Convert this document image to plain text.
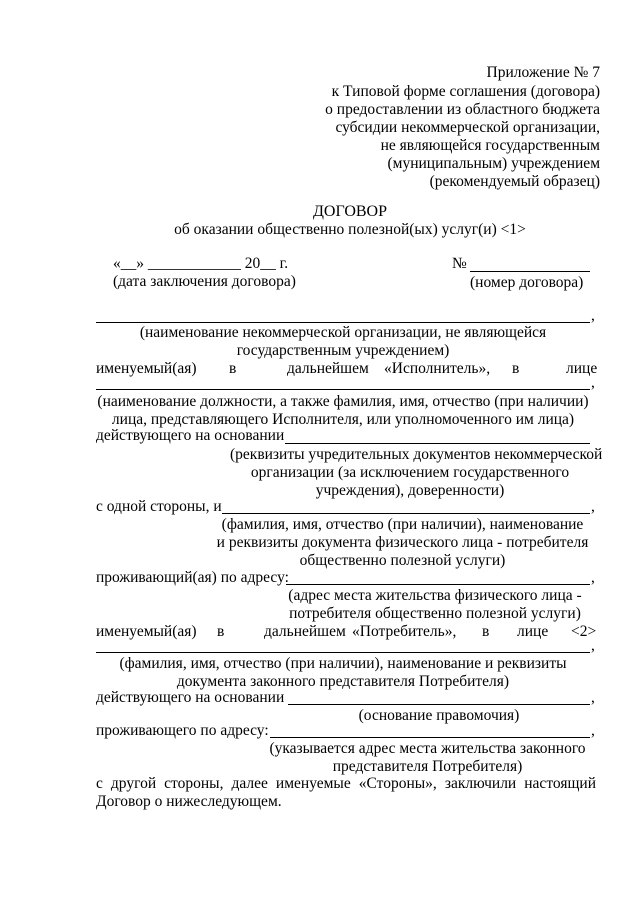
Приложение № 7
к Типовой форме соглашения (договора)
о предоставлении из областного бюджета
субсидии некоммерческой организации,
не являющейся государственным
(муниципальным) учреждением
(рекомендуемый образец)
ДОГОВОР
об оказании общественно полезной(ых) услуг(и) <1>
«__» ____________ 20__ г.
(дата заключения договора)
№
(номер договора)
,
(наименование некоммерческой организации, не являющейся
государственным учреждением)
именуемый(ая) в	дальнейшем «Исполнитель», в	лице
,
(наименование должности, а также фамилия, имя, отчество (при наличии)
лица, представляющего Исполнителя, или уполномоченного им лица)
действующего на основании
(реквизиты учредительных документов некоммерческой
организации (за исключением государственного
учреждения), доверенности)
с одной стороны, и	,
(фамилия, имя, отчество (при наличии), наименование
и реквизиты документа физического лица - потребителя
общественно полезной услуги)
проживающий(ая) по адресу:	,
(адрес места жительства физического лица -
потребителя общественно полезной услуги)
именуемый(ая) в	дальнейшем «Потребитель», в лице <2>
,
(фамилия, имя, отчество (при наличии), наименование и реквизиты
документа законного представителя Потребителя)
действующего на основании	,
(основание правомочия)
проживающего по адресу:	,
(указывается адрес места жительства законного
представителя Потребителя)
с другой стороны, далее именуемые «Стороны», заключили настоящий
Договор о нижеследующем.
